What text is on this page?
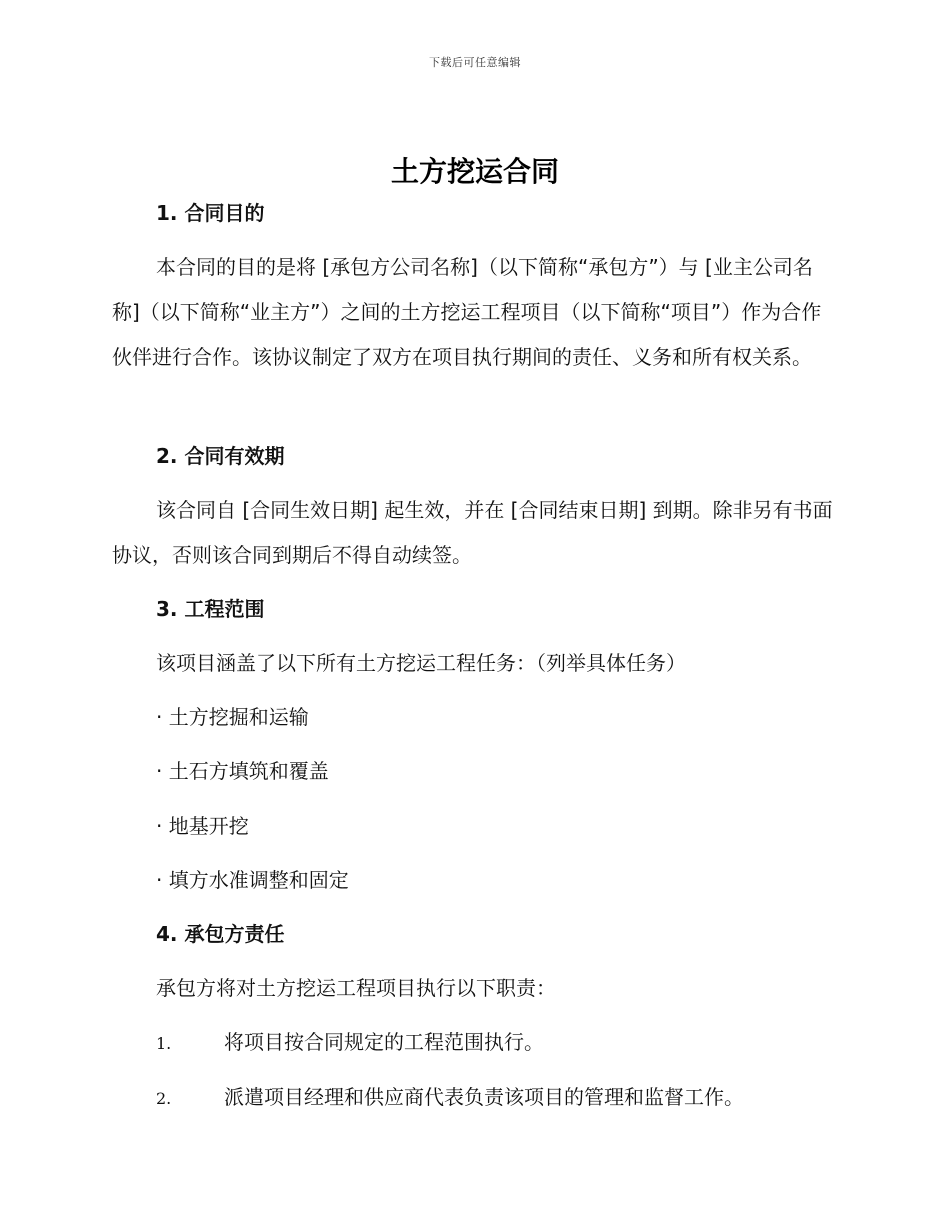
下载后可任意编辑
土方挖运合同
1. 合同目的

本合同的目的是将 [承包方公司名称]（以下简称“承包方”）与 [业主公司名称]（以下简称“业主方”）之间的土方挖运工程项目（以下简称“项目”）作为合作伙伴进行合作。该协议制定了双方在项目执行期间的责任、义务和所有权关系。

2. 合同有效期

该合同自 [合同生效日期] 起生效，并在 [合同结束日期] 到期。除非另有书面协议，否则该合同到期后不得自动续签。

3. 工程范围

该项目涵盖了以下所有土方挖运工程任务：（列举具体任务）

· 土方挖掘和运输

· 土石方填筑和覆盖

· 地基开挖

· 填方水准调整和固定

4. 承包方责任

承包方将对土方挖运工程项目执行以下职责：

1.	将项目按合同规定的工程范围执行。

2.	派遣项目经理和供应商代表负责该项目的管理和监督工作。
